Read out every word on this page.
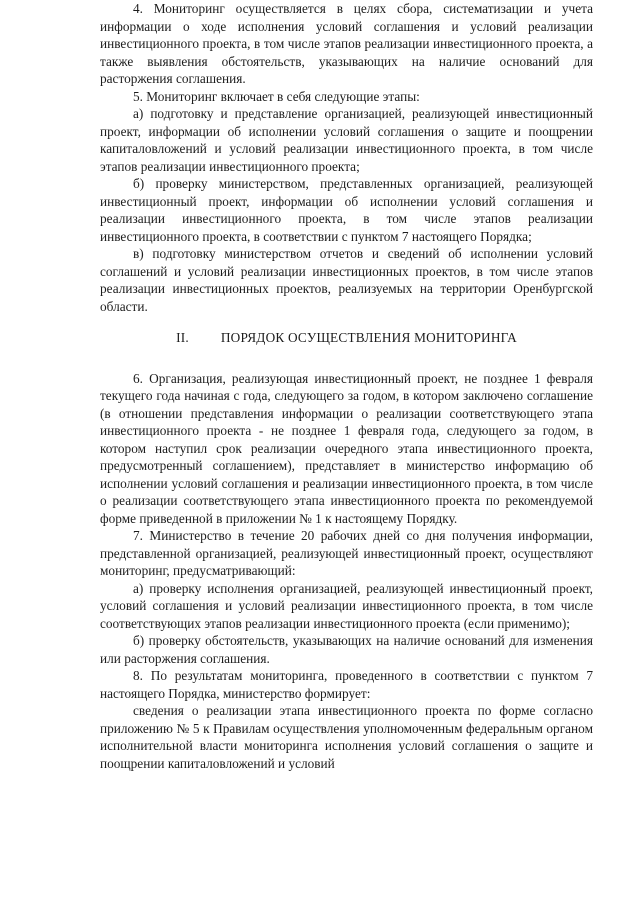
4. Мониторинг осуществляется в целях сбора, систематизации и учета информации о ходе исполнения условий соглашения и условий реализации инвестиционного проекта, в том числе этапов реализации инвестиционного проекта, а также выявления обстоятельств, указывающих на наличие оснований для расторжения соглашения.

5. Мониторинг включает в себя следующие этапы:

а) подготовку и представление организацией, реализующей инвестиционный проект, информации об исполнении условий соглашения о защите и поощрении капиталовложений и условий реализации инвестиционного проекта, в том числе этапов реализации инвестиционного проекта;

б) проверку министерством, представленных организацией, реализующей инвестиционный проект, информации об исполнении условий соглашения и реализации инвестиционного проекта, в том числе этапов реализации инвестиционного проекта, в соответствии с пунктом 7 настоящего Порядка;

в) подготовку министерством отчетов и сведений об исполнении условий соглашений и условий реализации инвестиционных проектов, в том числе этапов реализации инвестиционных проектов, реализуемых на территории Оренбургской области.

II. ПОРЯДОК ОСУЩЕСТВЛЕНИЯ МОНИТОРИНГА

6. Организация, реализующая инвестиционный проект, не позднее 1 февраля текущего года начиная с года, следующего за годом, в котором заключено соглашение (в отношении представления информации о реализации соответствующего этапа инвестиционного проекта - не позднее 1 февраля года, следующего за годом, в котором наступил срок реализации очередного этапа инвестиционного проекта, предусмотренный соглашением), представляет в министерство информацию об исполнении условий соглашения и реализации инвестиционного проекта, в том числе о реализации соответствующего этапа инвестиционного проекта по рекомендуемой форме приведенной в приложении № 1 к настоящему Порядку.

7. Министерство в течение 20 рабочих дней со дня получения информации, представленной организацией, реализующей инвестиционный проект, осуществляют мониторинг, предусматривающий:

а) проверку исполнения организацией, реализующей инвестиционный проект, условий соглашения и условий реализации инвестиционного проекта, в том числе соответствующих этапов реализации инвестиционного проекта (если применимо);

б) проверку обстоятельств, указывающих на наличие оснований для изменения или расторжения соглашения.

8. По результатам мониторинга, проведенного в соответствии с пунктом 7 настоящего Порядка, министерство формирует:

сведения о реализации этапа инвестиционного проекта по форме согласно приложению № 5 к Правилам осуществления уполномоченным федеральным органом исполнительной власти мониторинга исполнения условий соглашения о защите и поощрении капиталовложений и условий
